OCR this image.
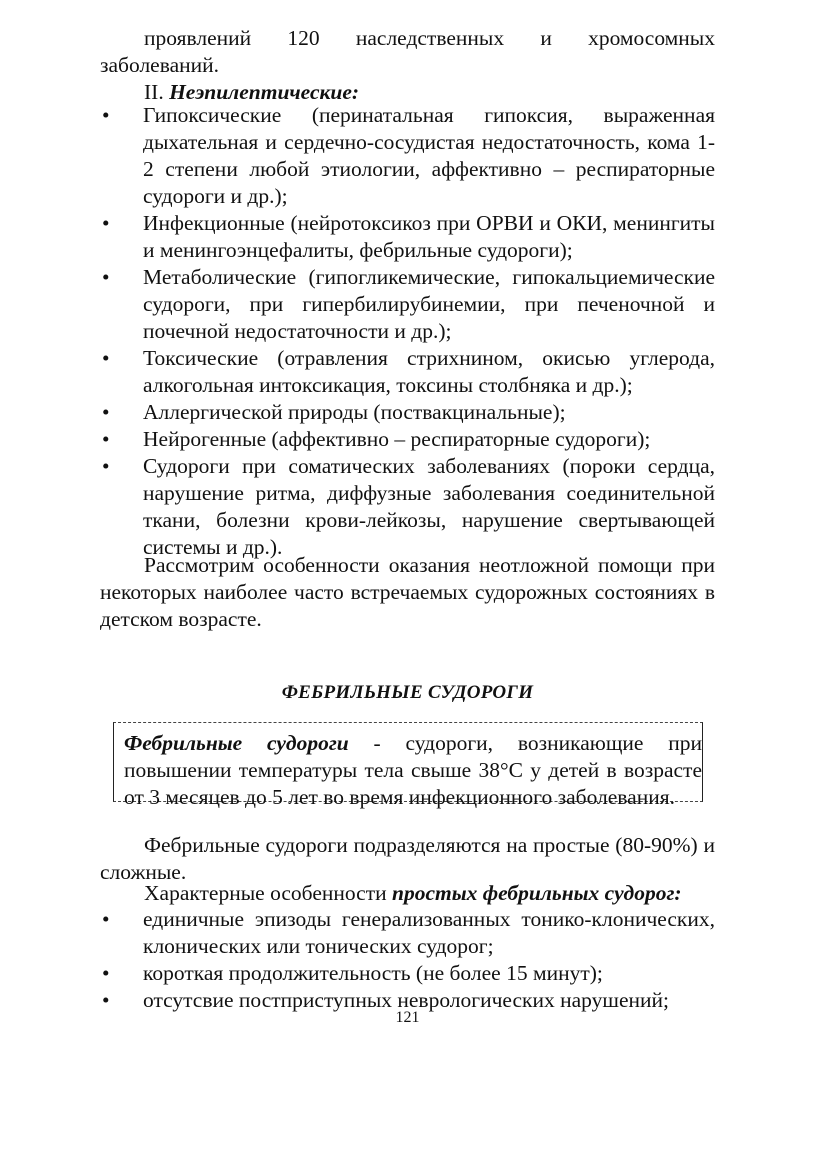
проявлений 120 наследственных и хромосомных заболеваний.
II. Неэпилептические:
•	Гипоксические (перинатальная гипоксия, выраженная дыхательная и сердечно-сосудистая недостаточность, кома 1-2 степени любой этиологии, аффективно – респираторные судороги и др.);
•	Инфекционные (нейротоксикоз при ОРВИ и ОКИ, менингиты и менингоэнцефалиты, фебрильные судороги);
•	Метаболические (гипогликемические, гипокальциемические судороги, при гипербилирубинемии, при печеночной и почечной недостаточности и др.);
•	Токсические (отравления стрихнином, окисью углерода, алкогольная интоксикация, токсины столбняка и др.);
•	Аллергической природы (поствакцинальные);
•	Нейрогенные (аффективно – респираторные судороги);
•	Судороги при соматических заболеваниях (пороки сердца, нарушение ритма, диффузные заболевания соединительной ткани, болезни крови-лейкозы, нарушение свертывающей системы и др.).
Рассмотрим особенности оказания неотложной помощи при некоторых наиболее часто встречаемых судорожных состояниях в детском возрасте.
ФЕБРИЛЬНЫЕ СУДОРОГИ
Фебрильные судороги - судороги, возникающие при повышении температуры тела свыше 38°С у детей в возрасте от 3 месяцев до 5 лет во время инфекционного заболевания.
Фебрильные судороги подразделяются на простые (80-90%) и сложные.
Характерные особенности простых фебрильных судорог:
•	единичные эпизоды генерализованных тонико-клонических, клонических или тонических судорог;
•	короткая продолжительность (не более 15 минут);
•	отсутсвие постприступных неврологических нарушений;
121
